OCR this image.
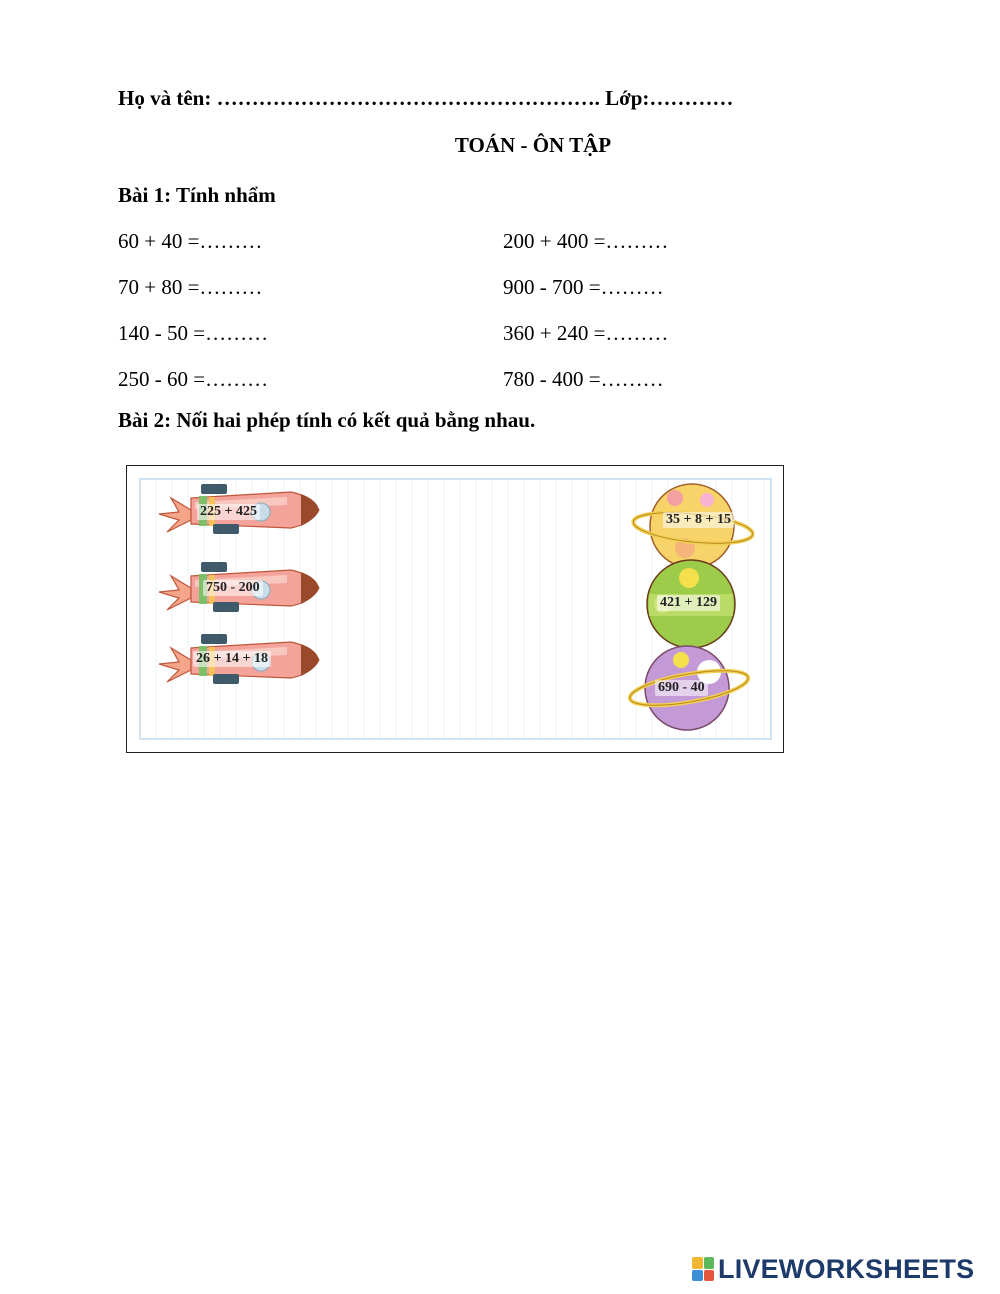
Họ và tên: ………………………………………………. Lớp:…………
TOÁN - ÔN TẬP
Bài 1: Tính nhẩm
60 + 40 =………
70 + 80 =………
140 - 50 =………
250 - 60 =………
200 + 400 =………
900 - 700 =………
360 + 240 =………
780 - 400 =………
Bài 2: Nối hai phép tính có kết quả bằng nhau.
225 + 425
750 - 200
26 + 14 + 18
35 + 8 + 15
421 + 129
690 - 40
LIVEWORKSHEETS
